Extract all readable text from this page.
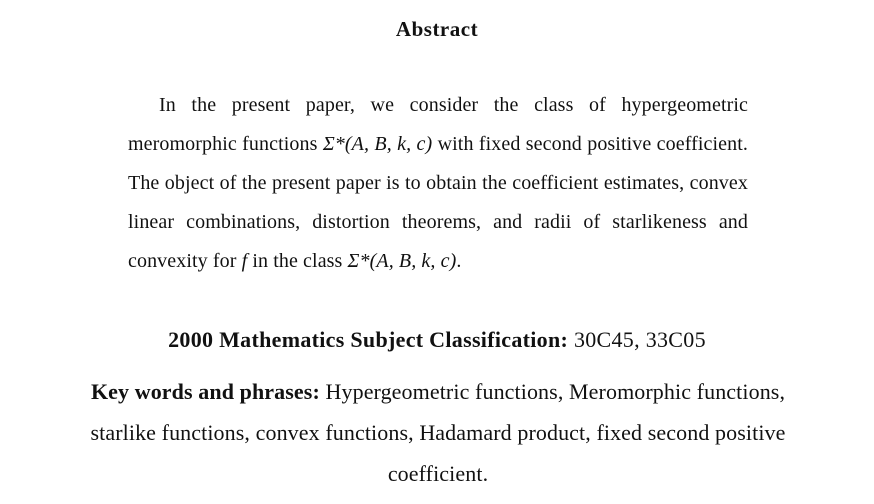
Abstract
In the present paper, we consider the class of hypergeometric meromorphic functions Σ*(A, B, k, c) with fixed second positive coefficient. The object of the present paper is to obtain the coefficient estimates, convex linear combinations, distortion theorems, and radii of starlikeness and convexity for f in the class Σ*(A, B, k, c).
2000 Mathematics Subject Classification: 30C45, 33C05
Key words and phrases: Hypergeometric functions, Meromorphic functions, starlike functions, convex functions, Hadamard product, fixed second positive coefficient.
